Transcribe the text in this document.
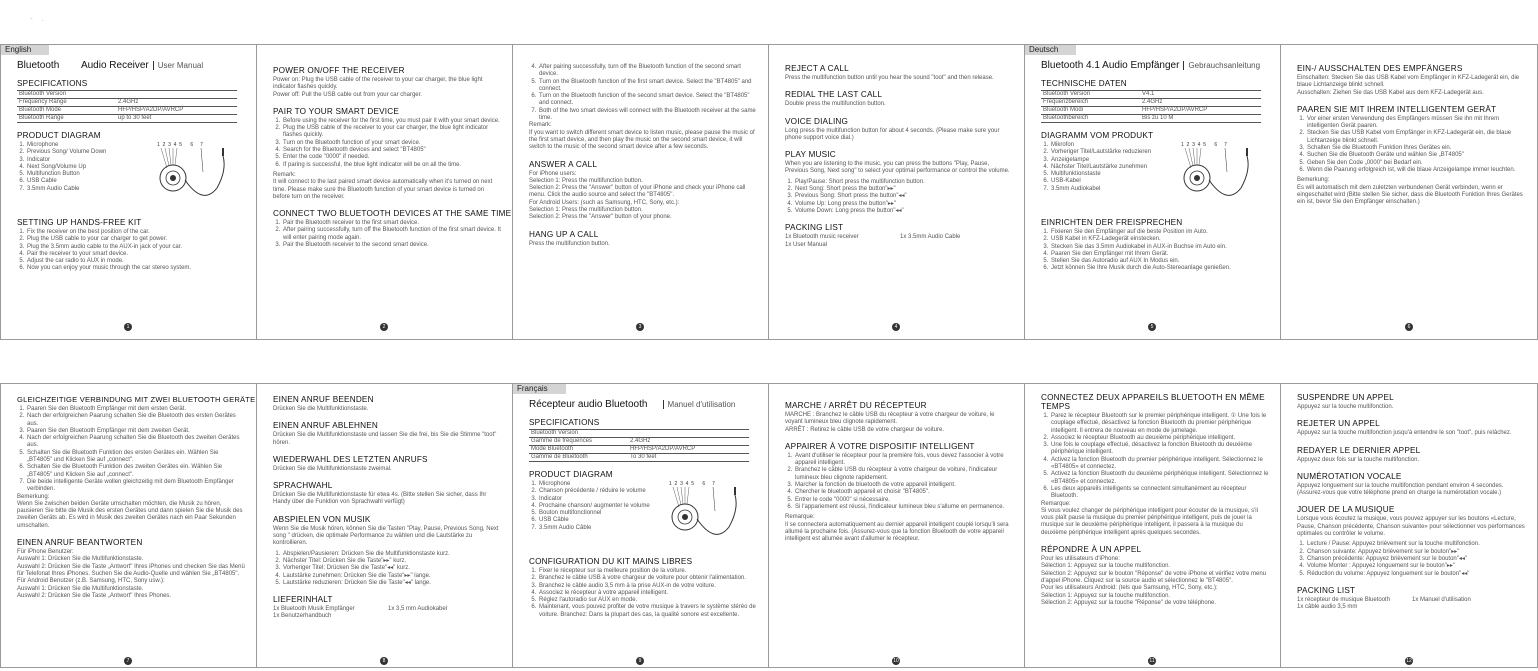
-    .
English
Bluetooth Audio Receiver User Manual
SPECIFICATIONS
Bluetooth Version	
Frequency Range	2.4GHz
Bluetooth Mode	HFP/HSP/A2DP/AVRCP
Bluetooth Range	up to 30 feet
PRODUCT DIAGRAM
1. Microphone
2. Previous Song/ Volume Down
3. Indicator
4. Next Song/Volume Up
5. Multifunction Button
6. USB Cable
7. 3.5mm Audio Cable
1  2  3  4  5      6     7
SETTING UP HANDS-FREE KIT
1. Fix the receiver on the best position of the car.
2. Plug the USB cable to your car charger to get power.
3. Plug the 3.5mm audio cable to the AUX-in jack of your car.
4. Pair the receiver to your smart device.
5. Adjust the car radio to AUX in mode.
6. Now you can enjoy your music through the car stereo system.
1
POWER ON/OFF THE RECEIVER

Power on: Plug the USB cable of the receiver to your car charger, the blue light indicator flashes quickly.

Power off: Pull the USB cable out from your car charger.

PAIR TO YOUR SMART DEVICE
1. Before using the receiver for the first time, you must pair it with your smart device.
2. Plug the USB cable of the receiver to your car charger, the blue light indicator flashes quickly.
3. Turn on the Bluetooth function of your smart device.
4. Search for the Bluetooth devices and select "BT4805"
5. Enter the code "0000" if needed.
6. If paring is successful, the blue light indicator will be on all the time.

Remark:

It will connect to the last paired smart device automatically when it's turned on next time. Please make sure the Bluetooth function of your smart device is turned on before turn on the receiver.

CONNECT TWO BLUETOOTH DEVICES AT THE SAME TIME
1. Pair the Bluetooth receiver to the first smart device.
2. After pairing successfully, turn off the Bluetooth function of the first smart device. It will enter pairing mode again.
3. Pair the Bluetooth receiver to the second smart device.
2
4. After pairing successfully, turn off the Bluetooth function of the second smart device.
5. Turn on the Bluetooth function of the first smart device. Select the "BT4805" and connect.
6. Turn on the Bluetooth function of the second smart device. Select the "BT4805" and connect.
7. Both of the two smart devices will connect with the Bluetooth receiver at the same time.

Remark:

If you want to switch different smart device to listen music, please pause the music of the first smart device, and then play the music on the second smart device, it will switch to the music of the second smart device after a few seconds.

ANSWER A CALL

For iPhone users:

Selection 1: Press the multifunction button.

Selection 2: Press the "Answer" button of your iPhone and check your iPhone call menu. Click the audio source and select the "BT4805".

For Android Users: (such as Samsung, HTC, Sony, etc.):

Selection 1: Press the multifunction button.

Selection 2: Press the "Answer" button of your phone.

HANG UP A CALL

Press the multifunction button.

3
REJECT A CALL

Press the multifunction button until you hear the sound "toot" and then release.

REDIAL THE LAST CALL

Double press the multifunction button.

VOICE DIALING

Long press the multifunction button for about 4 seconds. (Please make sure your phone support voice dial.)

PLAY MUSIC

When you are listening to the music, you can press the buttons "Play, Pause, Previous Song, Next song" to select your optimal performance or control the volume.

1. Play/Pause: Short press the multifunction button.
2. Next Song: Short press the button"▸▸"
3. Previous Song: Short press the button"◂◂"
4. Volume Up: Long press the button"▸▸"
5. Volume Down: Long press the button"◂◂"
PACKING LIST
1x Bluetooth music receiver	1x 3.5mm Audio Cable
1x User Manual
4
Deutsch
Bluetooth 4.1 Audio Empfänger Gebrauchsanleitung
TECHNISCHE DATEN
Bluetooth Version	V4.1
Frequenzbereich	2.4GHz
Bluetooth Modi	HFP/HSP/A2DP/AVRCP
Bluetoothbereich	Bis zu 10 M
DIAGRAMM VOM PRODUKT
1. Mikrofon
2. Vorheriger Titel/Lautstärke reduzieren
3. Anzeigelampe
4. Nächster Titel/Lautstärke zunehmen
5. Multifunktionstaste
6. USB-Kabel
7. 3.5mm Audiokabel
1  2  3  4  5      6     7
EINRICHTEN DER FREISPRECHEN
1. Fixieren Sie den Empfänger auf die beste Position im Auto.
2. USB Kabel in KFZ-Ladegerät einstecken.
3. Stecken Sie das 3.5mm Audiokabel in AUX-in Buchse im Auto ein.
4. Paaren Sie den Empfänger mit Ihrem Gerät.
5. Stellen Sie das Autoradio auf AUX In Modus ein.
6. Jetzt können Sie Ihre Musik durch die Auto-Stereoanlage genießen.
5
EIN-/ AUSSCHALTEN DES EMPFÄNGERS

Einschalten: Stecken Sie das USB Kabel vom Empfänger in KFZ-Ladegerät ein, die blaue Lichtanzeige blinkt schnell.

Ausschalten: Ziehen Sie das USB Kabel aus dem KFZ-Ladegerät aus.

PAAREN SIE MIT IHREM INTELLIGENTEM GERÄT
1. Vor einer ersten Verwendung des Empfängers müssen Sie ihn mit Ihrem intelligenten Gerät paaren.
2. Stecken Sie das USB Kabel vom Empfänger in KFZ-Ladegerät ein, die blaue Lichtanzeige blinkt schnell.
3. Schalten Sie die Bluetooth Funktion Ihres Gerätes ein.
4. Suchen Sie die Bluetooth Geräte und wählen Sie „BT4805"
5. Geben Sie den Code „0000" bei Bedarf ein.
6. Wenn die Paarung erfolgreich ist, will die blaue Anzeigelampe immer leuchten.

Bemerkung:

Es will automatisch mit dem zuletzten verbundenen Gerät verbinden, wenn er eingeschaltet wird (Bitte stellen Sie sicher, dass die Bluetooth Funktion Ihres Gerätes ein ist, bevor Sie den Empfänger einschalten.)

6
GLEICHZEITIGE VERBINDUNG MIT ZWEI BLUETOOTH GERÄTE
1. Paaren Sie den Bluetooth Empfänger mit dem ersten Gerät.
2. Nach der erfolgreichen Paarung schalten Sie die Bluetooth des ersten Gerätes aus.
3. Paaren Sie den Bluetooth Empfänger mit dem zweiten Gerät.
4. Nach der erfolgreichen Paarung schalten Sie die Bluetooth des zweiten Gerätes aus.
5. Schalten Sie die Bluetooth Funktion des ersten Gerätes ein. Wählen Sie „BT4805" und Klicken Sie auf „connect".
6. Schalten Sie die Bluetooth Funktion des zweiten Gerätes ein. Wählen Sie „BT4805" und Klicken Sie auf „connect".
7. Die beide intelligente Geräte wollen gleichzeitig mit dem Bluetooth Empfänger verbinden.

Bemerkung:

Wenn Sie zwischen beiden Geräte umschalten möchten, die Musik zu hören, pausieren Sie bitte die Musik des ersten Gerätes und dann spielen Sie die Musik des zweiten Geräts ab. Es wird in Musik des zweiten Gerätes nach ein Paar Sekunden umschalten.

EINEN ANRUF BEANTWORTEN

Für iPhone Benutzer:

Auswahl 1: Drücken Sie die Multifunktionstaste.

Auswahl 2: Drücken Sie die Taste „Antwort" Ihres iPhones und checken Sie das Menü für Telefonat Ihres iPhones. Suchen Sie die Audio-Quelle und wählen Sie „BT4805".

Für Android Benutzer (z.B. Samsung, HTC, Sony usw.):

Auswahl 1: Drücken Sie die Multifunktionstaste.

Auswahl 2: Drücken Sie die Taste „Antwort" Ihres Phones.

7
EINEN ANRUF BEENDEN

Drücken Sie die Multifunktionstaste.

EINEN ANRUF ABLEHNEN

Drücken Sie die Multifunktionstaste und lassen Sie die frei, bis Sie die Stimme "toot" hören.

WIEDERWAHL DES LETZTEN ANRUFS

Drücken Sie die Multifunktionstaste zweimal.

SPRACHWAHL

Drücken Sie die Multifunktionstaste für etwa 4s. (Bitte stellen Sie sicher, dass Ihr Handy über die Funktion von Sprachwahl verfügt)

ABSPIELEN VON MUSIK

Wenn Sie die Musik hören, können Sie die Tasten "Play, Pause, Previous Song, Next song " drücken, die optimale Performance zu wählen und die Lautstärke zu kontrollieren.

1. Abspielen/Pausieren: Drücken Sie die Multifunktionstaste kurz.
2. Nächster Titel: Drücken Sie die Taste"▸▸" kurz.
3. Vorheriger Titel: Drücken Sie die Taste"◂◂" kurz.
4. Lautstärke zunehmen: Drücken Sie die Taste"▸▸" lange.
5. Lautstärke reduzieren: Drücken Sie die Taste"◂◂" lange.
LIEFERINHALT
1x Bluetooth Musik Empfänger	1x 3,5 mm Audiokabel
1x Benutzerhandbuch
8
Français
Récepteur audio Bluetooth	Manuel d'utilisation
SPECIFICATIONS
Bluetooth Version	
Gamme de fréquences	2.4GHz
Mode Bluetooth	HFP/HSP/A2DP/AVRCP
Gamme de Bluetooth	To 30 feet
PRODUCT DIAGRAM
1. Microphone
2. Chanson précédente / réduire le volume
3. Indicator
4. Prochaine chanson/ augmenter le volume
5. Bouton multifonctionnel
6. USB Câble
7. 3.5mm Audio Câble
1  2  3  4  5      6     7
CONFIGURATION DU KIT MAINS LIBRES
1. Fixer le récepteur sur la meilleure position de la voiture.
2. Branchez le câble USB à votre chargeur de voiture pour obtenir l'alimentation.
3. Branchez le câble audio 3,5 mm à la prise AUX-in de votre voiture.
4. Associez le récepteur à votre appareil intelligent.
5. Réglez l'autoradio sur AUX en mode.
6. Maintenant, vous pouvez profiter de votre musique à travers le système stéréo de voiture. Branchez: Dans la plupart des cas, la qualité sonore est excellente.
9
MARCHE / ARRÊT DU RÉCEPTEUR

MARCHE : Branchez le câble USB du récepteur à votre chargeur de voiture, le voyant lumineux bleu clignote rapidement.

ARRÊT : Retirez le câble USB de votre chargeur de voiture.

APPAIRER À VOTRE DISPOSITIF INTELLIGENT
1. Avant d'utiliser le récepteur pour la première fois, vous devez l'associer à votre appareil intelligent.
2. Branchez le câble USB du récepteur à votre chargeur de voiture, l'indicateur lumineux bleu clignote rapidement.
3. Marcher la fonction de bluetooth de votre appareil intelligent.
4. Chercher le bluetooth appareil et choisir "BT4805".
5. Entrer le code "0000" si nécessaire.
6. Si l'appariement est réussi, l'indicateur lumineux bleu s'allume en permanence.

Remarque:

Il se connectera automatiquement au dernier appareil intelligent couplé lorsqu'il sera allumé la prochaine fois. (Assurez-vous que la fonction Bluetooth de votre appareil intelligent est allumée avant d'allumer le récepteur.

10
CONNECTEZ DEUX APPAREILS BLUETOOTH EN MÊME TEMPS
1. Parez le récepteur Bluetooth sur le premier périphérique intelligent. ① Une fois le couplage effectué, désactivez la fonction Bluetooth du premier périphérique intelligent. Il entrera de nouveau en mode de jumelage.
2. Associez le récepteur Bluetooth au deuxième périphérique intelligent.
3. Une fois le couplage effectué, désactivez la fonction Bluetooth du deuxième périphérique intelligent.
4. Activez la fonction Bluetooth du premier périphérique intelligent. Sélectionnez le «BT4805» et connectez.
5. Activez la fonction Bluetooth du deuxième périphérique intelligent. Sélectionnez le «BT4805» et connectez.
6. Les deux appareils intelligents se connectent simultanément au récepteur Bluetooth.

Remarque:

Si vous voulez changer de périphérique intelligent pour écouter de la musique, s'il vous plaît pause la musique du premier périphérique intelligent, puis de jouer la musique sur le deuxième périphérique intelligent, il passera à la musique du deuxième périphérique intelligent après quelques secondes.

RÉPONDRE À UN APPEL

Pour les utilisateurs d'iPhone:

Sélection 1: Appuyez sur la touche multifonction.

Sélection 2: Appuyez sur le bouton "Réponse" de votre iPhone et vérifiez votre menu d'appel iPhone. Cliquez sur la source audio et sélectionnez le "BT4805".

Pour les utilisateurs Android: (tels que Samsung, HTC, Sony, etc.):

Sélection 1: Appuyez sur la touche multifonction.

Sélection 2: Appuyez sur la touche "Réponse" de votre téléphone.

11
SUSPENDRE UN APPEL

Appuyez sur la touche multifonction.

REJETER UN APPEL

Appuyez sur la touche multifonction jusqu'à entendre le son "toot", puis relâchez.

REDAYER LE DERNIER APPEL

Appuyez deux fois sur la touche multifonction.

NUMÉROTATION VOCALE

Appuyez longuement sur la touche multifonction pendant environ 4 secondes. (Assurez-vous que votre téléphone prend en charge la numérotation vocale.)

JOUER DE LA MUSIQUE

Lorsque vous écoutez la musique, vous pouvez appuyer sur les boutons «Lecture, Pause, Chanson précédente, Chanson suivante» pour sélectionner vos performances optimales ou contrôler le volume.

1. Lecture / Pause: Appuyez brièvement sur la touche multifonction.
2. Chanson suivante: Appuyez brièvement sur le bouton"▸▸"
3. Chanson précédente: Appuyez brièvement sur le bouton"◂◂"
4. Volume Monter : Appuyez longuement sur le bouton"▸▸"
5. Réduction du volume: Appuyez longuement sur le bouton"◂◂"
PACKING LIST
1x récepteur de musique Bluetooth	1x Manuel d'utilisation
1x câble audio 3,5 mm
12
